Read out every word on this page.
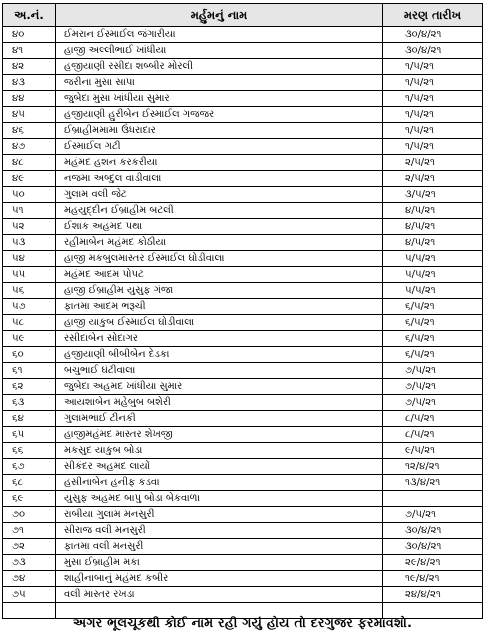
અ.નં.	મર્હુમનું નામ	મરણ તારીખ
૪૦	ઈમરાન ઈસ્માઈલ જંગારીયા	૩૦/૪/૨૧
૪૧	હાજી અલ્લીભાઈ ખાંધીયા	૩૦/૪/૨૧
૪૨	હજીયાણી રસીદા શબ્બીર મોરલી	૧/૫/૨૧
૪૩	જરીના મુસા સાપા	૧/૫/૨૧
૪૪	જુબેદા મુસા ખાંધીયા સુમાર	૧/૫/૨૧
૪૫	હજીયાણી હુરીબેન ઈસ્માઈલ ગજજર	૧/૫/૨૧
૪૬	ઈબ્રાહીમમામા ઉંધરાદાર	૧/૫/૨૧
૪૭	ઈસ્માઈલ ગટી	૧/૫/૨૧
૪૮	મહંમદ હશન કરકરીયા	૨/૫/૨૧
૪૯	નજમા અબ્દુલ વાડીવાલા	૨/૫/૨૧
૫૦	ગુલામ વલી જેટ	૩/૫/૨૧
૫૧	મહયુદ્દીન ઈબ્રાહીમ બટલી	૪/૫/૨૧
૫૨	ઈશાક અહમદ પથા	૪/૫/૨૧
૫૩	રહીમાબેન મહંમદ કોઠીયા	૪/૫/૨૧
૫૪	હાજી મકબુલમાસ્તર ઈસ્માઈલ ઘોડીવાલા	૫/૫/૨૧
૫૫	મહંમદ આદમ પોપટ	૫/૫/૨૧
૫૬	હાજી ઈબ્રાહીમ યુસુફ ગંજા	૫/૫/૨૧
૫૭	ફાતમા આદમ ભરૂચી	૬/૫/૨૧
૫૮	હાજી યાકુબ ઈસ્માઈલ ઘોડીવાલા	૬/૫/૨૧
૫૯	રસીદાબેન સોદાગર	૬/૫/૨૧
૬૦	હજીયાણી બીબીબેન દેડકા	૬/૫/૨૧
૬૧	બચુભાઈ ઘંટીવાલા	૭/૫/૨૧
૬૨	જુબેદા અહમદ ખાંધીયા સુમાર	૭/૫/૨૧
૬૩	આયશાબેન મહેબુબ બશેરી	૭/૫/૨૧
૬૪	ગુલામભાઈ ટીનકી	૮/૫/૨૧
૬૫	હાજીમહંમદ માસ્તર શેખજી	૮/૫/૨૧
૬૬	મકસુદ યાકુબ બોડા	૯/૫/૨૧
૬૭	સીકંદર અહમદ લાયોં	૧૨/૪/૨૧
૬૮	હસીનાબેન હનીફ કડવા	૧૩/૪/૨૧
૬૯	યુસુફ અહમદ બાપુ બોડા બેકવાળા	
૭૦	રાબીયા ગુલામ મનસુરી	૭/૫/૨૧
૭૧	સીરાજ વલી મનસુરી	૩૦/૪/૨૧
૭૨	ફાતમા વલી મનસુરી	૩૦/૪/૨૧
૭૩	મુસા ઈબ્રાહીમ મકા	૨૯/૪/૨૧
૭૪	શાહીનાબાનું મહંમદ કબીર	૧૯/૪/૨૧
૭૫	વલી માસ્તર રખડા	૨૪/૪/૨૧

અગર ભૂલચૂકથી કોઈ નામ રહી ગયું હોય તો દરગુજર ફરમાવશો.
